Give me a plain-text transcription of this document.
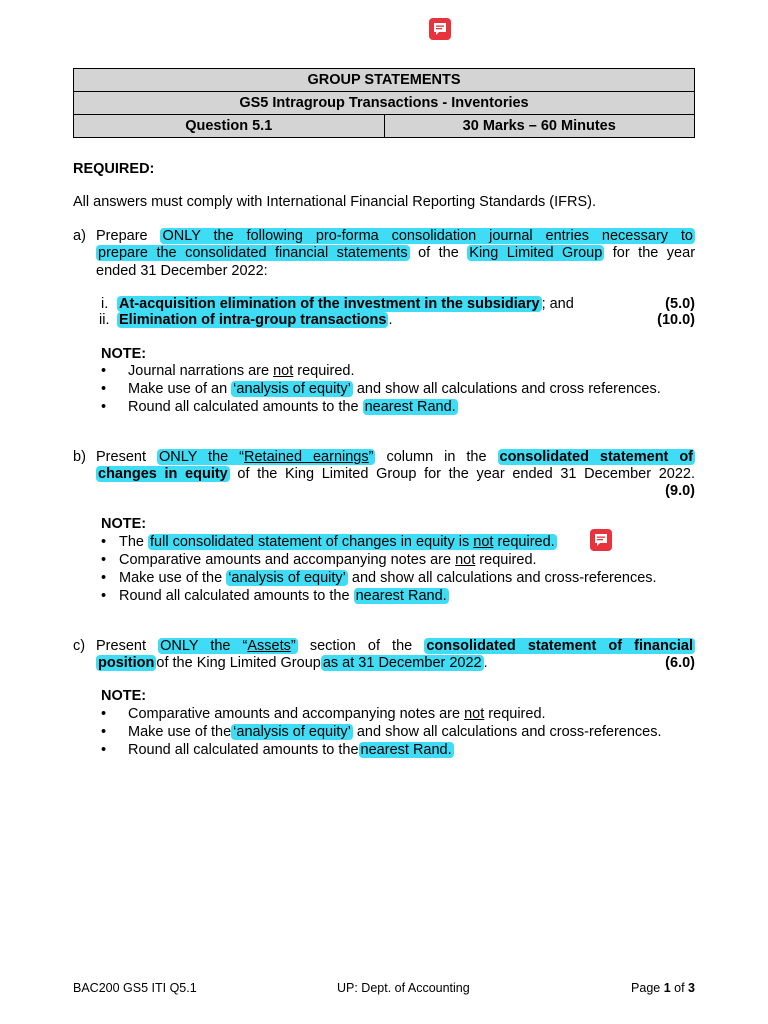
GROUP STATEMENTS
GS5 Intragroup Transactions - Inventories
Question 5.1	30 Marks – 60 Minutes
REQUIRED:
All answers must comply with International Financial Reporting Standards (IFRS).
a) Prepare ONLY the following pro-forma consolidation journal entries necessary to
prepare the consolidated financial statements of the King Limited Group for the year
ended 31 December 2022:
i. At-acquisition elimination of the investment in the subsidiary ; and	(5.0)
ii. Elimination of intra-group transactions .	(10.0)
NOTE:
• Journal narrations are not required.
• Make use of an ‘analysis of equity’ and show all calculations and cross references.
• Round all calculated amounts to the nearest Rand.
b) Present ONLY the “Retained earnings” column in the consolidated statement of
changes in equity of the King Limited Group for the year ended 31 December 2022.
(9.0)
NOTE:
• The full consolidated statement of changes in equity is not required.
• Comparative amounts and accompanying notes are not required.
• Make use of the ‘analysis of equity’ and show all calculations and cross-references.
• Round all calculated amounts to the nearest Rand.
c) Present ONLY the “Assets” section of the consolidated statement of financial
position of the King Limited Group as at 31 December 2022 .	(6.0)
NOTE:
• Comparative amounts and accompanying notes are not required.
• Make use of the ‘analysis of equity’ and show all calculations and cross-references.
• Round all calculated amounts to the nearest Rand.
BAC200 GS5 ITI Q5.1	UP: Dept. of Accounting	Page 1 of 3
